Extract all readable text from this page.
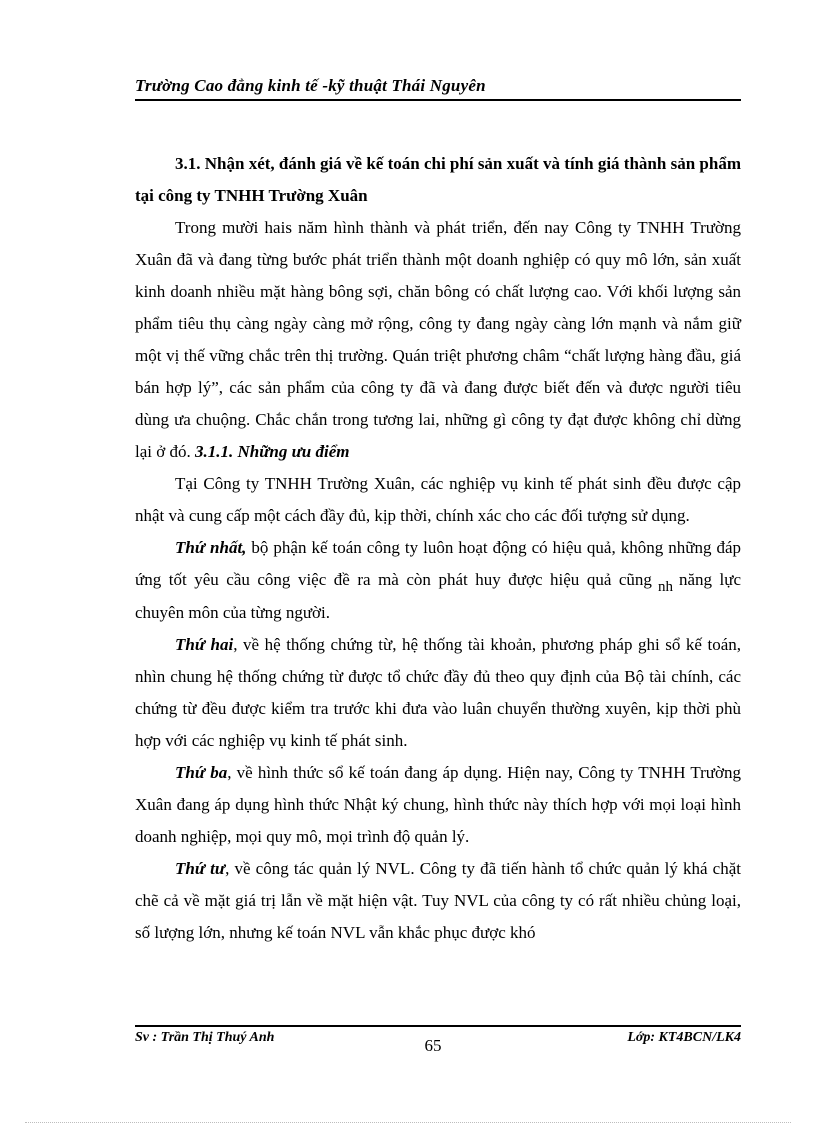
Trường Cao đẳng kinh tế -kỹ thuật Thái Nguyên

3.1. Nhận xét, đánh giá về kế toán chi phí sản xuất và tính giá thành sản phẩm tại công ty TNHH Trường Xuân

Trong mười hais năm hình thành và phát triển, đến nay Công ty TNHH Trường Xuân đã và đang từng bước phát triển thành một doanh nghiệp có quy mô lớn, sản xuất kinh doanh nhiều mặt hàng bông sợi, chăn bông có chất lượng cao. Với khối lượng sản phẩm tiêu thụ càng ngày càng mở rộng, công ty đang ngày càng lớn mạnh và nắm giữ một vị thế vững chắc trên thị trường. Quán triệt phương châm “chất lượng hàng đầu, giá bán hợp lý”, các sản phẩm của công ty đã và đang được biết đến và được người tiêu dùng ưa chuộng. Chắc chắn trong tương lai, những gì công ty đạt được không chỉ dừng lại ở đó. 3.1.1. Những ưu điểm

Tại Công ty TNHH Trường Xuân, các nghiệp vụ kinh tế phát sinh đều được cập nhật và cung cấp một cách đầy đủ, kịp thời, chính xác cho các đối tượng sử dụng.

Thứ nhất, bộ phận kế toán công ty luôn hoạt động có hiệu quả, không những đáp ứng tốt yêu cầu công việc đề ra mà còn phát huy được hiệu quả cũng nh năng lực chuyên môn của từng người.

Thứ hai, về hệ thống chứng từ, hệ thống tài khoản, phương pháp ghi sổ kế toán, nhìn chung hệ thống chứng từ được tổ chức đầy đủ theo quy định của Bộ tài chính, các chứng từ đều được kiểm tra trước khi đưa vào luân chuyển thường xuyên, kịp thời phù hợp với các nghiệp vụ kinh tế phát sinh.

Thứ ba, về hình thức sổ kế toán đang áp dụng. Hiện nay, Công ty TNHH Trường Xuân đang áp dụng hình thức Nhật ký chung, hình thức này thích hợp với mọi loại hình doanh nghiệp, mọi quy mô, mọi trình độ quản lý.

Thứ tư, về công tác quản lý NVL. Công ty đã tiến hành tổ chức quản lý khá chặt chẽ cả về mặt giá trị lẫn về mặt hiện vật. Tuy NVL của công ty có rất nhiều chủng loại, số lượng lớn, nhưng kế toán NVL vẫn khắc phục được khó

Sv : Trần Thị Thuý Anh	65	Lớp: KT4BCN/LK4
